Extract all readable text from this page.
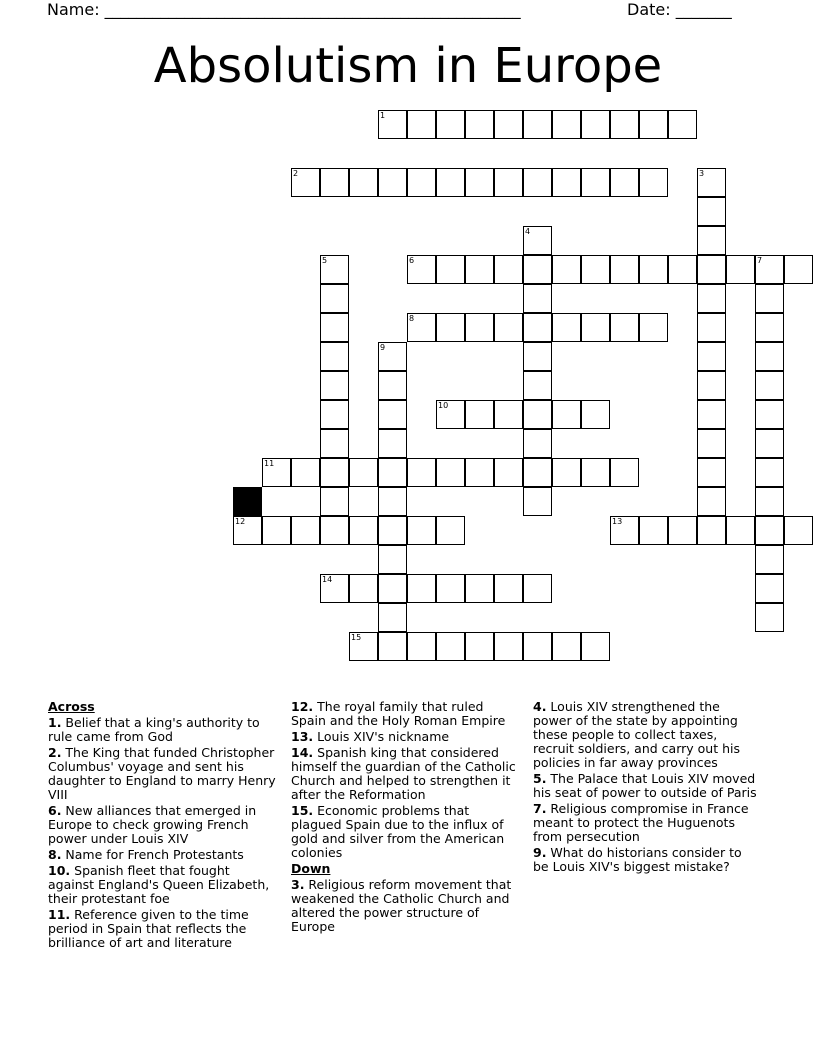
Name: ____________________________________________________	Date: _______
Absolutism in Europe
1
2	3
4
5	6	7
8
9
10
11
12	13
14
15
Across
1. Belief that a king's authority to rule came from God
2. The King that funded Christopher Columbus' voyage and sent his daughter to England to marry Henry VIII
6. New alliances that emerged in Europe to check growing French power under Louis XIV
8. Name for French Protestants
10. Spanish fleet that fought against England's Queen Elizabeth, their protestant foe
11. Reference given to the time period in Spain that reflects the brilliance of art and literature
12. The royal family that ruled Spain and the Holy Roman Empire
13. Louis XIV's nickname
14. Spanish king that considered himself the guardian of the Catholic Church and helped to strengthen it after the Reformation
15. Economic problems that plagued Spain due to the influx of gold and silver from the American colonies
Down
3. Religious reform movement that weakened the Catholic Church and altered the power structure of Europe
4. Louis XIV strengthened the power of the state by appointing these people to collect taxes, recruit soldiers, and carry out his policies in far away provinces
5. The Palace that Louis XIV moved his seat of power to outside of Paris
7. Religious compromise in France meant to protect the Huguenots from persecution
9. What do historians consider to be Louis XIV's biggest mistake?
